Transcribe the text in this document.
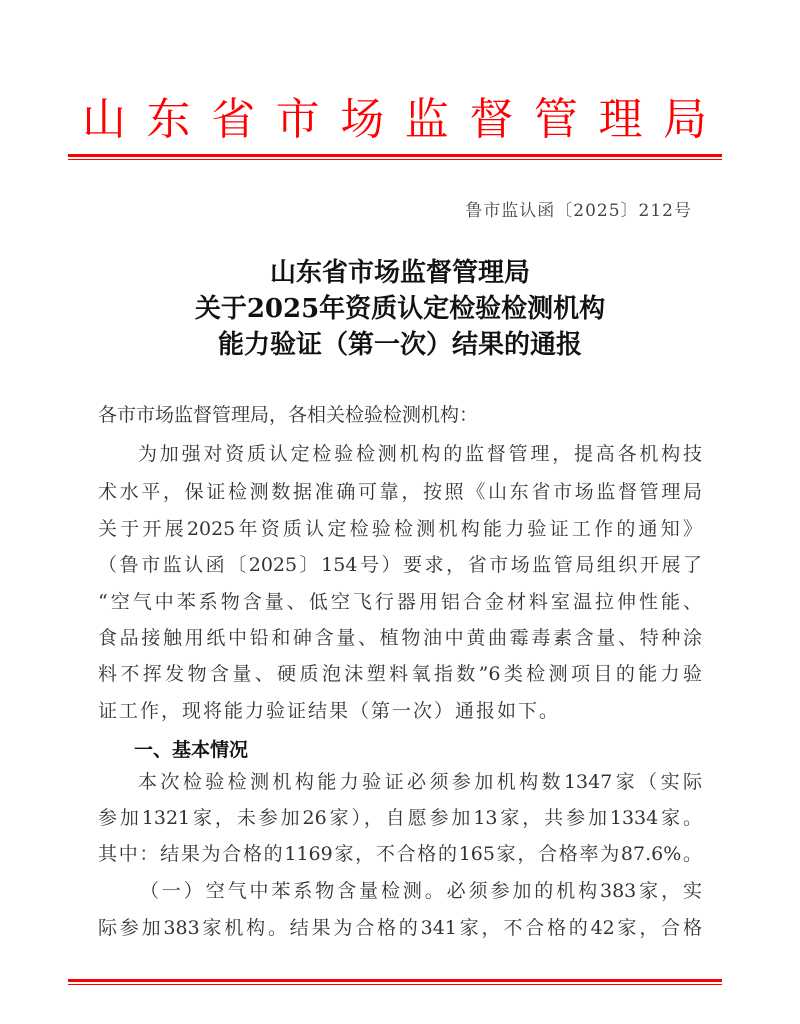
山东省市场监督管理局
鲁市监认函〔2025〕212号
山东省市场监督管理局
关于2025年资质认定检验检测机构
能力验证（第一次）结果的通报
各市市场监督管理局，各相关检验检测机构：
为加强对资质认定检验检测机构的监督管理，提高各机构技
术水平，保证检测数据准确可靠，按照《山东省市场监督管理局
关于开展2025年资质认定检验检测机构能力验证工作的通知》
（鲁市监认函〔2025〕154号）要求，省市场监管局组织开展了
“空气中苯系物含量、低空飞行器用铝合金材料室温拉伸性能、
食品接触用纸中铅和砷含量、植物油中黄曲霉毒素含量、特种涂
料不挥发物含量、硬质泡沫塑料氧指数”6类检测项目的能力验
证工作，现将能力验证结果（第一次）通报如下。
一、基本情况
本次检验检测机构能力验证必须参加机构数1347家（实际
参加1321家，未参加26家），自愿参加13家，共参加1334家。
其中：结果为合格的1169家，不合格的165家，合格率为87.6%。
（一）空气中苯系物含量检测。必须参加的机构383家，实
际参加383家机构。结果为合格的341家，不合格的42家，合格
